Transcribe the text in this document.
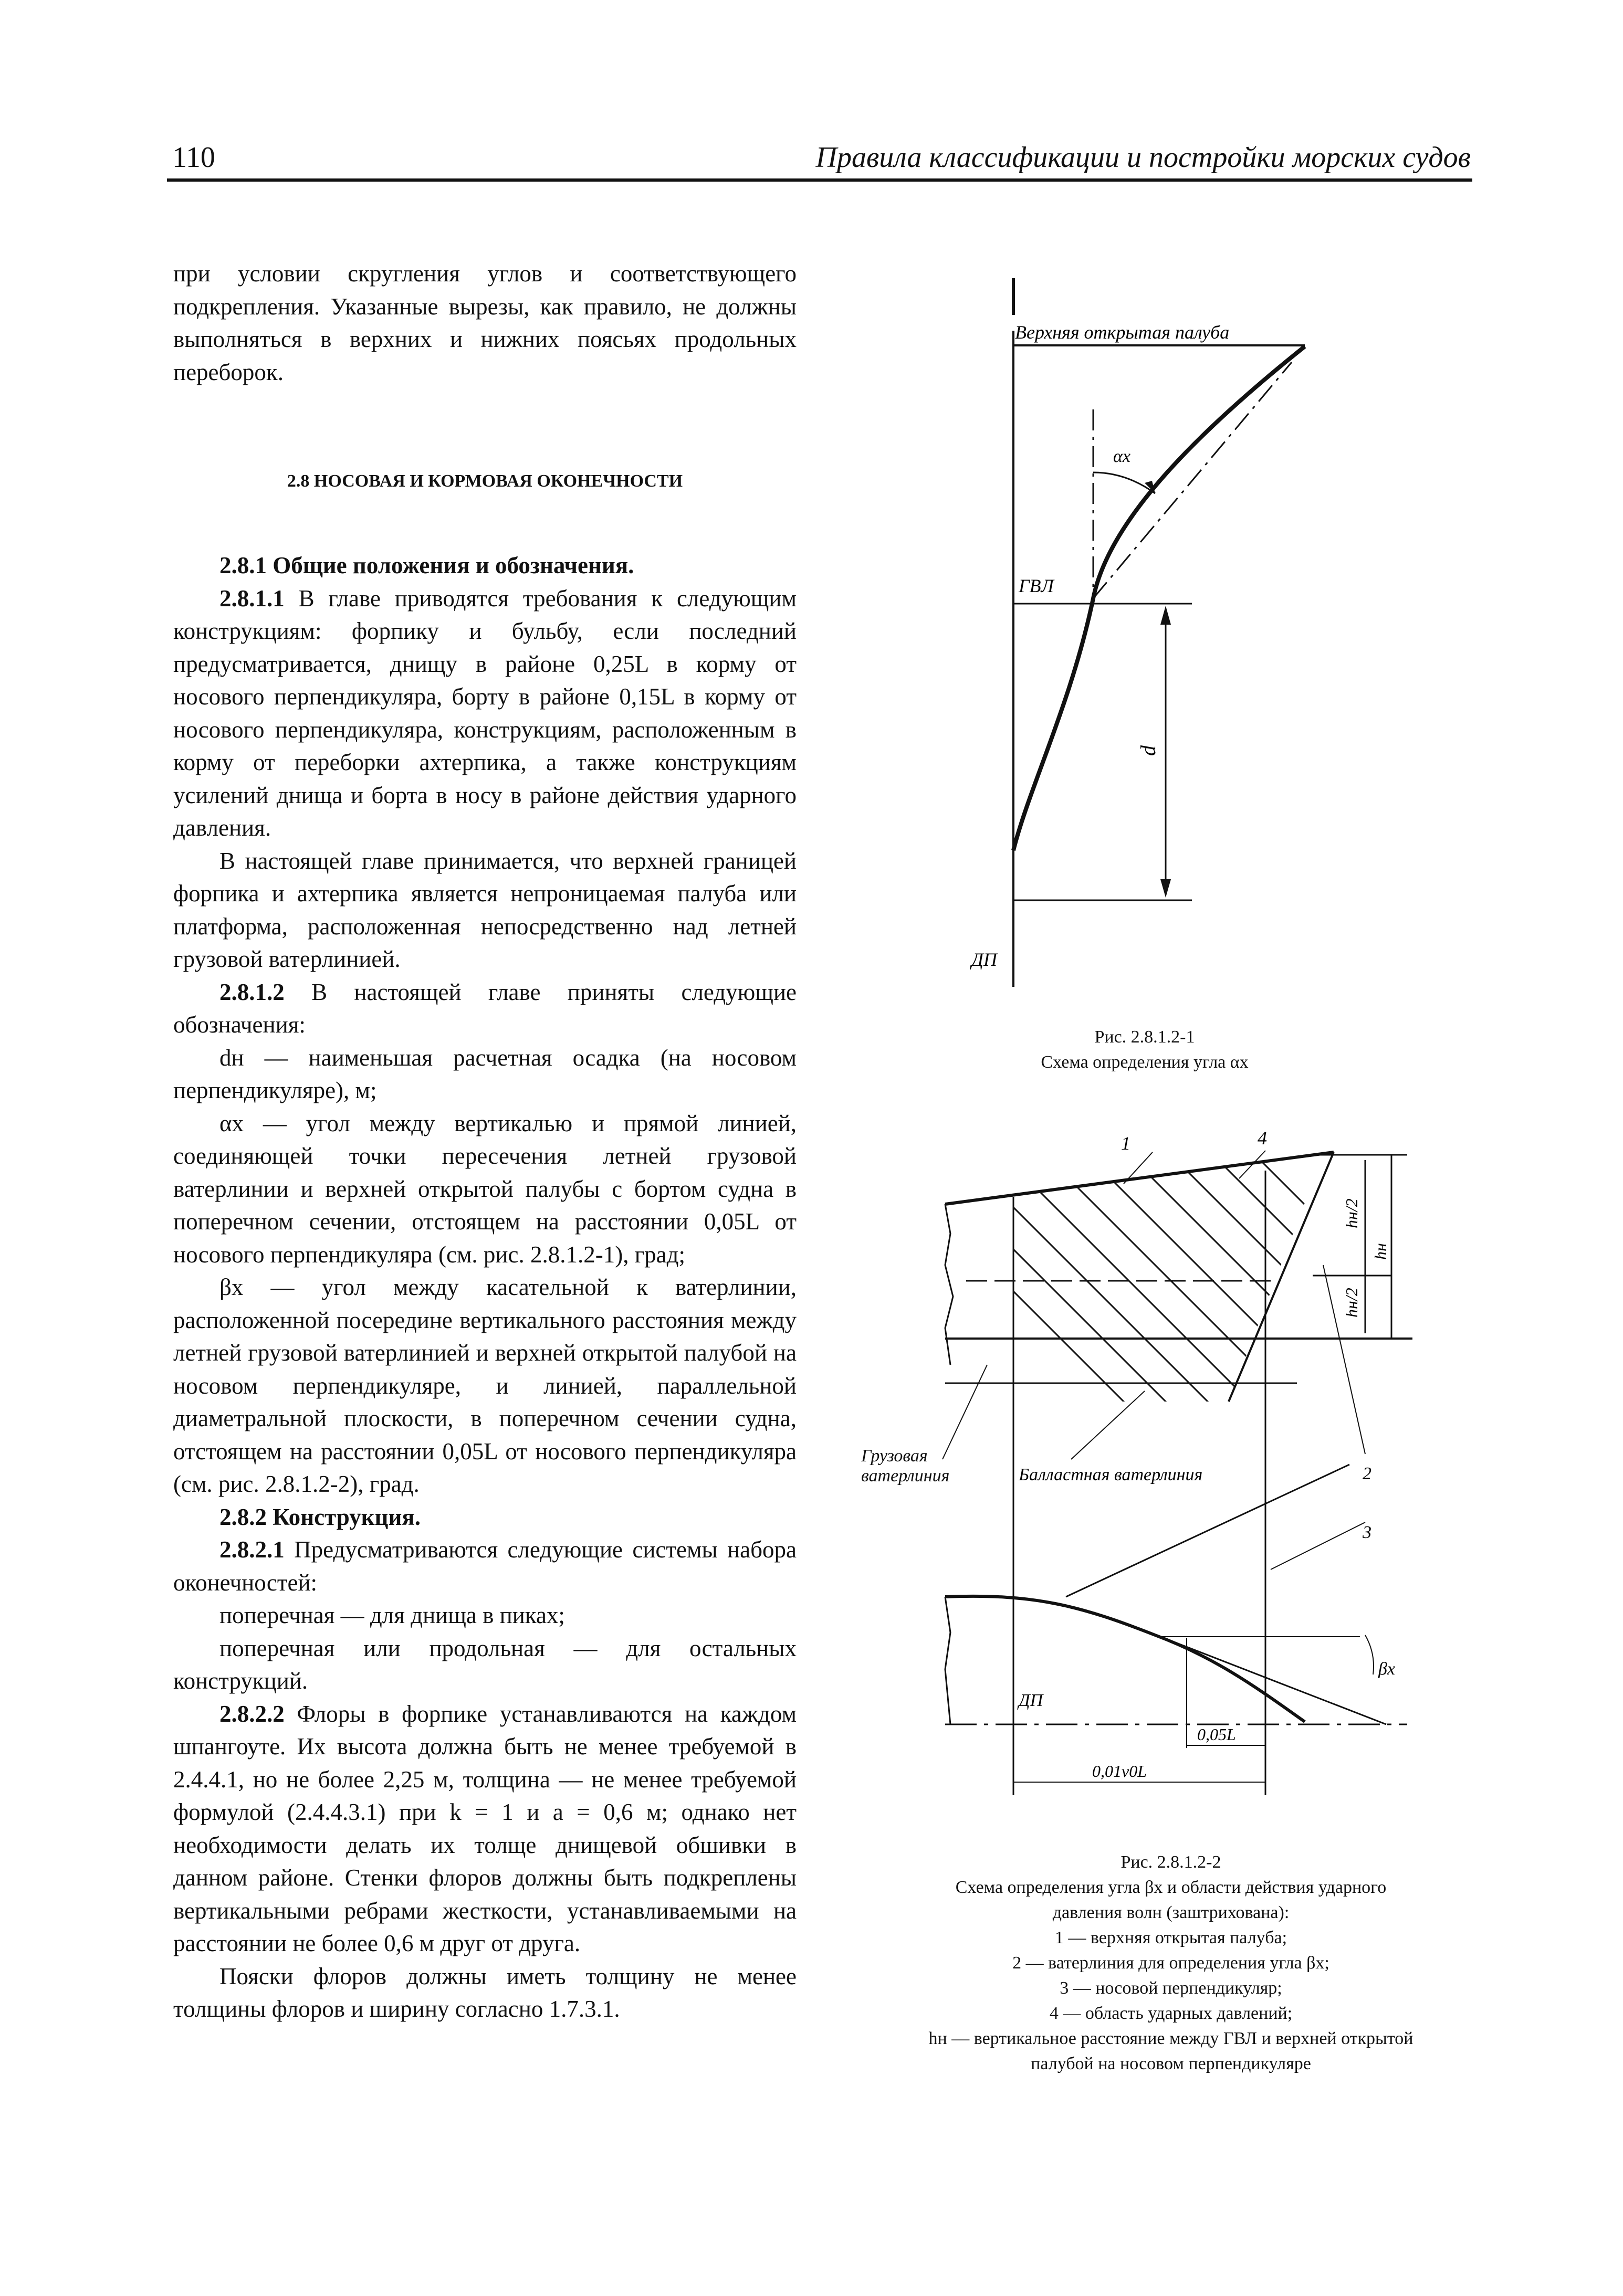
110	Правила классификации и постройки морских судов

при условии скругления углов и соответствующего подкрепления. Указанные вырезы, как правило, не должны выполняться в верхних и нижних поясьях продольных переборок.

2.8 НОСОВАЯ И КОРМОВАЯ ОКОНЕЧНОСТИ

2.8.1 Общие положения и обозначения.

2.8.1.1 В главе приводятся требования к следующим конструкциям: форпику и бульбу, если последний предусматривается, днищу в районе 0,25L в корму от носового перпендикуляра, борту в районе 0,15L в корму от носового перпендикуляра, конструкциям, расположенным в корму от переборки ахтерпика, а также конструкциям усилений днища и борта в носу в районе действия ударного давления.

В настоящей главе принимается, что верхней границей форпика и ахтерпика является непроницаемая палуба или платформа, расположенная непосредственно над летней грузовой ватерлинией.

2.8.1.2 В настоящей главе приняты следующие обозначения:

dн — наименьшая расчетная осадка (на носовом перпендикуляре), м;

αx — угол между вертикалью и прямой линией, соединяющей точки пересечения летней грузовой ватерлинии и верхней открытой палубы с бортом судна в поперечном сечении, отстоящем на расстоянии 0,05L от носового перпендикуляра (см. рис. 2.8.1.2-1), град;

βx — угол между касательной к ватерлинии, расположенной посередине вертикального расстояния между летней грузовой ватерлинией и верхней открытой палубой на носовом перпендикуляре, и линией, параллельной диаметральной плоскости, в поперечном сечении судна, отстоящем на расстоянии 0,05L от носового перпендикуляра (см. рис. 2.8.1.2-2), град.

2.8.2 Конструкция.

2.8.2.1 Предусматриваются следующие системы набора оконечностей:

поперечная — для днища в пиках;

поперечная или продольная — для остальных конструкций.

2.8.2.2 Флоры в форпике устанавливаются на каждом шпангоуте. Их высота должна быть не менее требуемой в 2.4.4.1, но не более 2,25 м, толщина — не менее требуемой формулой (2.4.4.3.1) при k = 1 и a = 0,6 м; однако нет необходимости делать их толще днищевой обшивки в данном районе. Стенки флоров должны быть подкреплены вертикальными ребрами жесткости, устанавливаемыми на расстоянии не более 0,6 м друг от друга.

Пояски флоров должны иметь толщину не менее толщины флоров и ширину согласно 1.7.3.1.

Верхняя открытая палуба
αx
ГВЛ
d
ДП
Рис. 2.8.1.2-1
Схема определения угла αx
1	4
hн/2
hн
hн/2
Грузовая ватерлиния	Балластная ватерлиния	2
3
βx
ДП
0,05L
0,01v0L
Рис. 2.8.1.2-2
Схема определения угла βx и области действия ударного
давления волн (заштрихована):
1 — верхняя открытая палуба;
2 — ватерлиния для определения угла βx;
3 — носовой перпендикуляр;
4 — область ударных давлений;
hн — вертикальное расстояние между ГВЛ и верхней открытой
палубой на носовом перпендикуляре
